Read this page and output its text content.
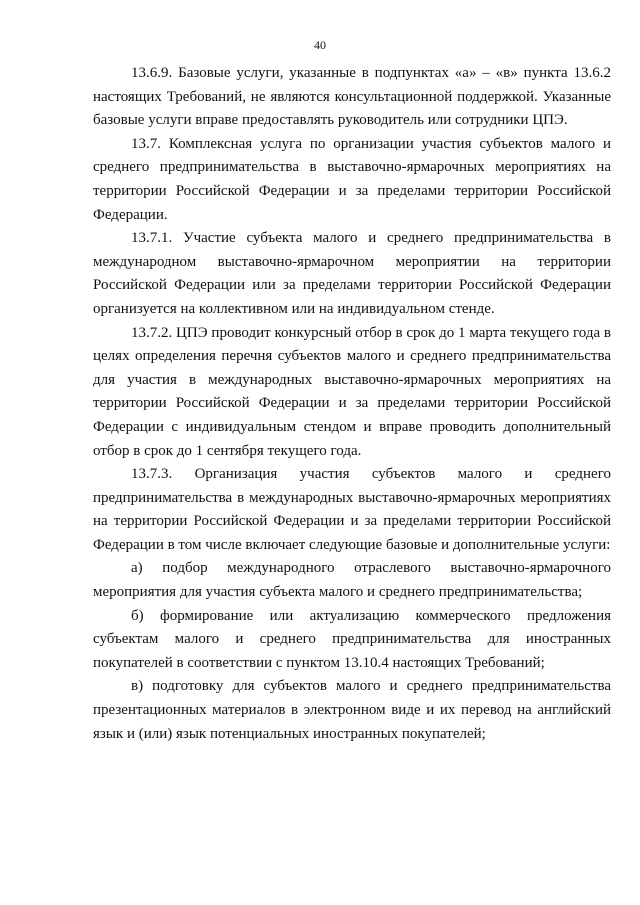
40

13.6.9. Базовые услуги, указанные в подпунктах «а» – «в» пункта 13.6.2 настоящих Требований, не являются консультационной поддержкой. Указанные базовые услуги вправе предоставлять руководитель или сотрудники ЦПЭ.

13.7. Комплексная услуга по организации участия субъектов малого и среднего предпринимательства в выставочно-ярмарочных мероприятиях на территории Российской Федерации и за пределами территории Российской Федерации.

13.7.1. Участие субъекта малого и среднего предпринимательства в международном выставочно-ярмарочном мероприятии на территории Российской Федерации или за пределами территории Российской Федерации организуется на коллективном или на индивидуальном стенде.

13.7.2. ЦПЭ проводит конкурсный отбор в срок до 1 марта текущего года в целях определения перечня субъектов малого и среднего предпринимательства для участия в международных выставочно-ярмарочных мероприятиях на территории Российской Федерации и за пределами территории Российской Федерации с индивидуальным стендом и вправе проводить дополнительный отбор в срок до 1 сентября текущего года.

13.7.3. Организация участия субъектов малого и среднего предпринимательства в международных выставочно-ярмарочных мероприятиях на территории Российской Федерации и за пределами территории Российской Федерации в том числе включает следующие базовые и дополнительные услуги:

а) подбор международного отраслевого выставочно-ярмарочного мероприятия для участия субъекта малого и среднего предпринимательства;

б) формирование или актуализацию коммерческого предложения субъектам малого и среднего предпринимательства для иностранных покупателей в соответствии с пунктом 13.10.4 настоящих Требований;

в) подготовку для субъектов малого и среднего предпринимательства презентационных материалов в электронном виде и их перевод на английский язык и (или) язык потенциальных иностранных покупателей;
